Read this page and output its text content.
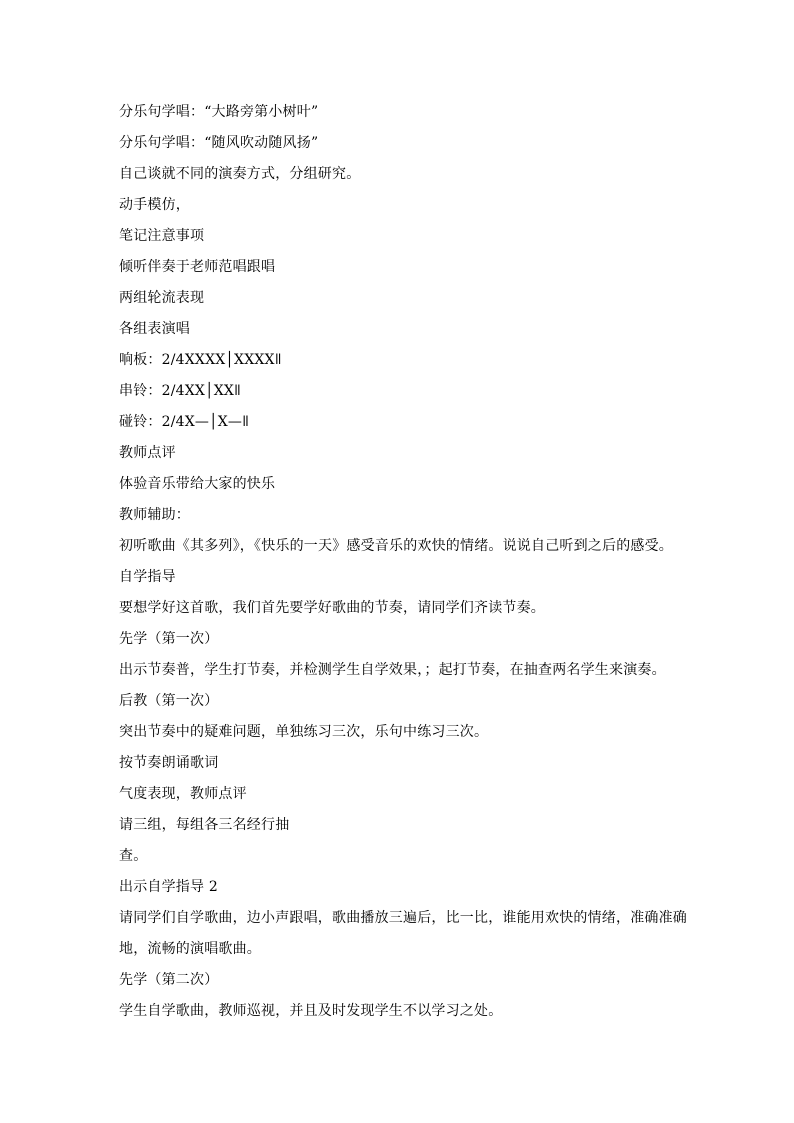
分乐句学唱：“大路旁第小树叶”
分乐句学唱：“随风吹动随风扬”
自己谈就不同的演奏方式，分组研究。
动手模仿，
笔记注意事项
倾听伴奏于老师范唱跟唱
两组轮流表现
各组表演唱
响板：2/4XXXX│XXXXǁ
串铃：2/4XX│XXǁ
碰铃：2/4X—│X—ǁ
教师点评
体验音乐带给大家的快乐
教师辅助：
初听歌曲《其多列》，《快乐的一天》感受音乐的欢快的情绪。说说自己听到之后的感受。
自学指导
要想学好这首歌，我们首先要学好歌曲的节奏，请同学们齐读节奏。
先学（第一次）
出示节奏普，学生打节奏，并检测学生自学效果，；起打节奏，在抽查两名学生来演奏。
后教（第一次）
突出节奏中的疑难问题，单独练习三次，乐句中练习三次。
按节奏朗诵歌词
气度表现，教师点评
请三组，每组各三名经行抽
查。
出示自学指导 2
请同学们自学歌曲，边小声跟唱，歌曲播放三遍后，比一比，谁能用欢快的情绪，准确准确
地，流畅的演唱歌曲。
先学（第二次）
学生自学歌曲，教师巡视，并且及时发现学生不以学习之处。
